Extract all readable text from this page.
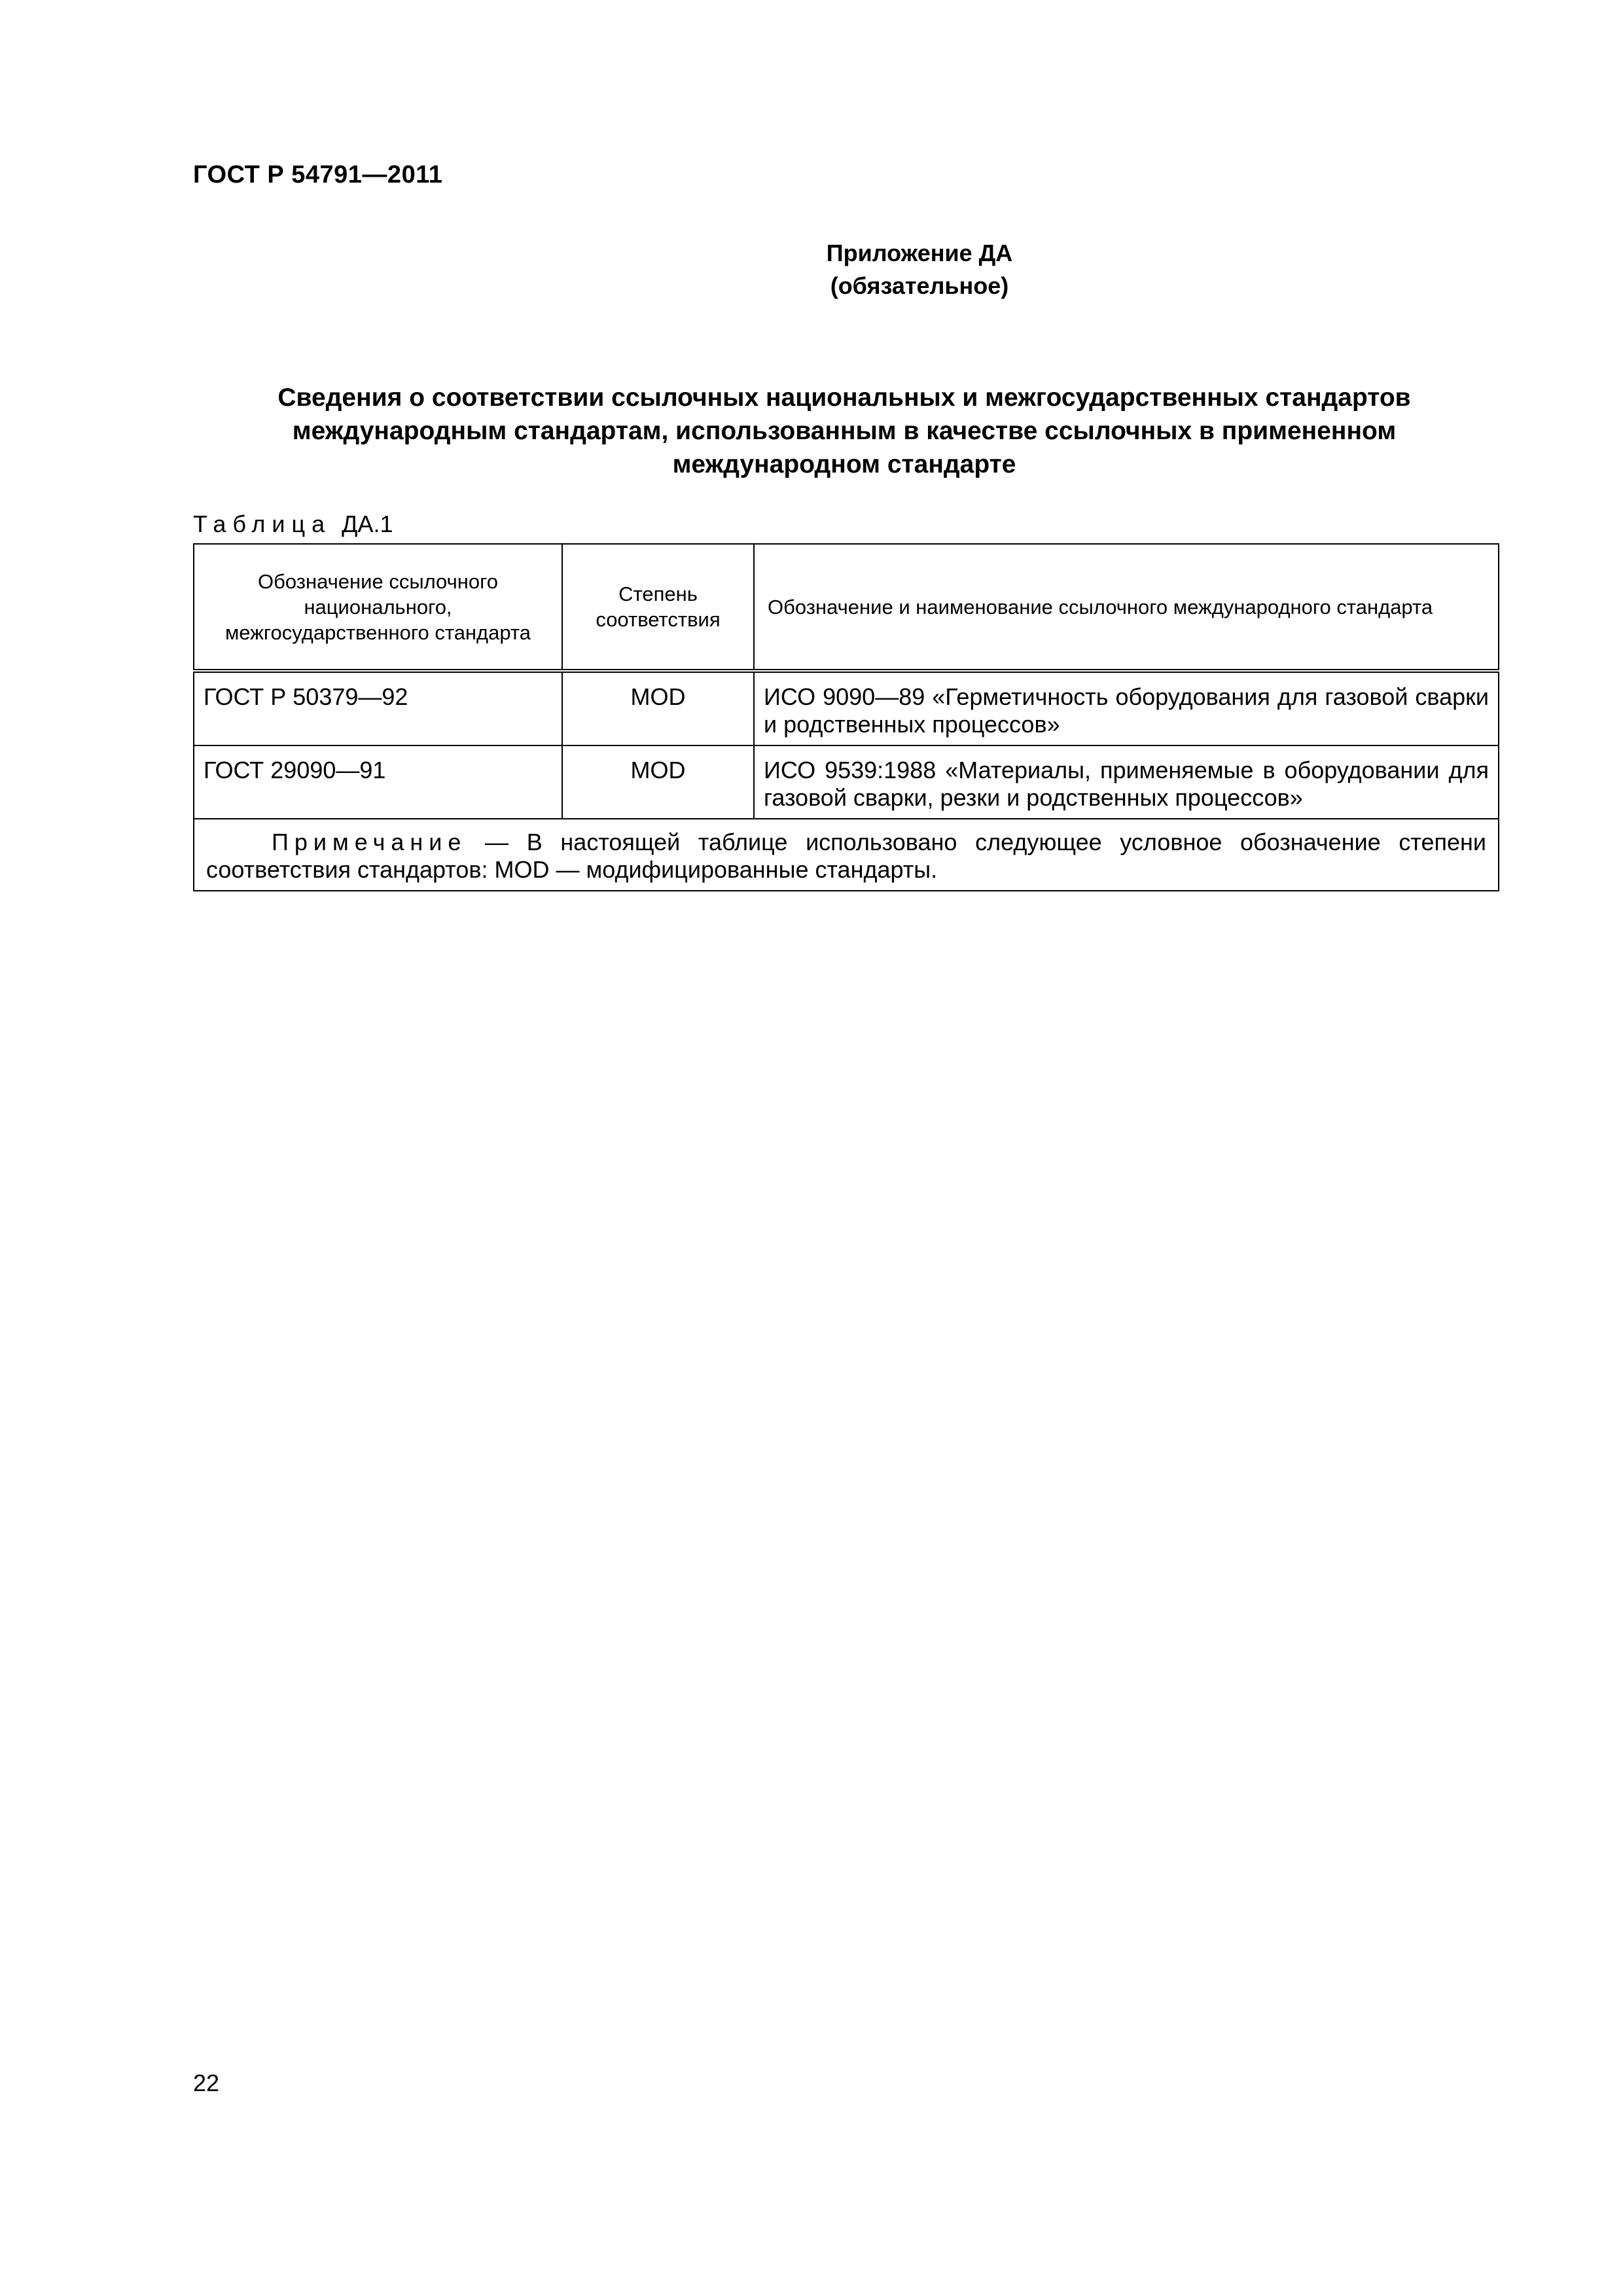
ГОСТ Р 54791—2011
Приложение ДА
(обязательное)
Сведения о соответствии ссылочных национальных и межгосударственных стандартов
международным стандартам, использованным в качестве ссылочных в примененном
международном стандарте
Таблица ДА.1
Обозначение ссылочного национального, межгосударственного стандарта	Степень соответствия	Обозначение и наименование ссылочного международного стандарта
ГОСТ Р 50379—92	MOD	ИСО 9090—89 «Герметичность оборудования для газовой сварки и родственных процессов»
ГОСТ 29090—91	MOD	ИСО 9539:1988 «Материалы, применяемые в оборудовании для газовой сварки, резки и родственных процессов»
Примечание — В настоящей таблице использовано следующее условное обозначение степени соответствия стандартов: MOD — модифицированные стандарты.		
22
